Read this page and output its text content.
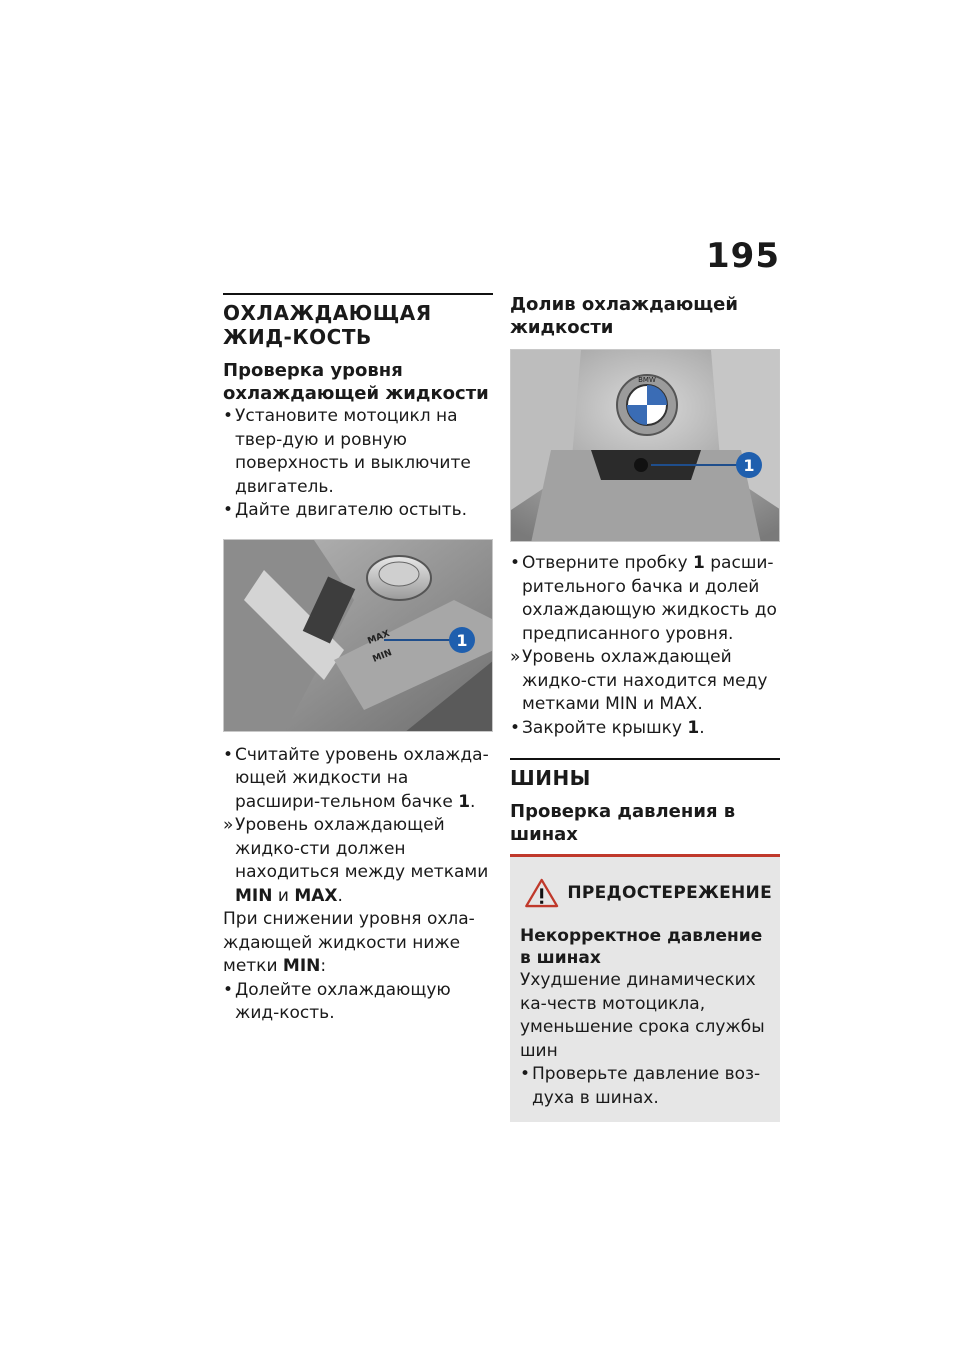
195
ОХЛАЖДАЮЩАЯ ЖИД-КОСТЬ
Проверка уровня охлаждающей жидкости
• Установите мотоцикл на твер-дую и ровную поверхность и выключите двигатель.
• Дайте двигателю остыть.
MAX
MIN
1
• Считайте уровень охлажда-ющей жидкости на расшири-тельном бачке 1.
» Уровень охлаждающей жидко-сти должен находиться между метками MIN и MAX.
При снижении уровня охла-ждающей жидкости ниже метки MIN:
• Долейте охлаждающую жид-кость.
Долив охлаждающей жидкости
BMW
1
• Отверните пробку 1 расши-рительного бачка и долей охлаждающую жидкость до предписанного уровня.
» Уровень охлаждающей жидко-сти находится меду метками MIN и MAX.
• Закройте крышку 1.
ШИНЫ
Проверка давления в шинах
ПРЕДОСТЕРЕЖЕНИЕ
Некорректное давление в шинах
Ухудшение динамических ка-честв мотоцикла, уменьшение срока службы шин
• Проверьте давление воз-духа в шинах.
